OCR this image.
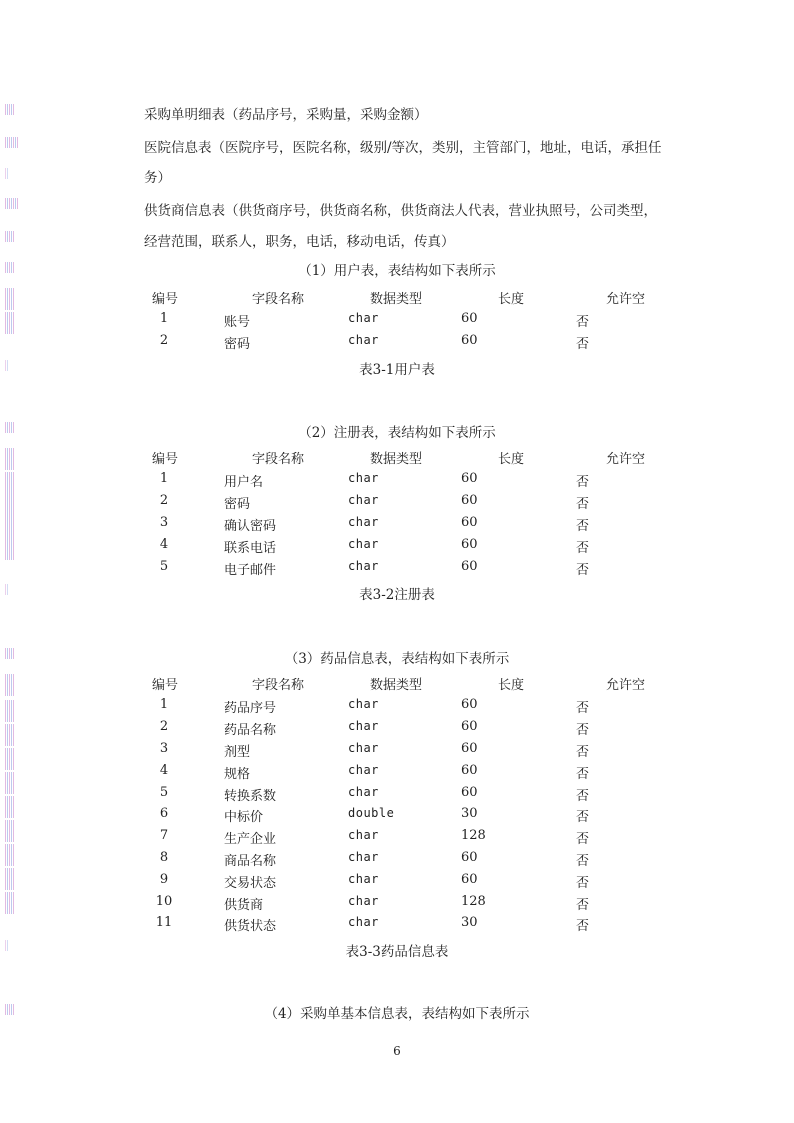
采购单明细表（药品序号，采购量，采购金额）
医院信息表（医院序号，医院名称，级别/等次，类别，主管部门，地址，电话，承担任
务）
供货商信息表（供货商序号，供货商名称，供货商法人代表，营业执照号，公司类型，
经营范围，联系人，职务，电话，移动电话，传真）
（1）用户表，表结构如下表所示
编号	字段名称	数据类型	长度	允许空
1	账号	char	60	否
2	密码	char	60	否
表3-1用户表
（2）注册表，表结构如下表所示
编号	字段名称	数据类型	长度	允许空
1	用户名	char	60	否
2	密码	char	60	否
3	确认密码	char	60	否
4	联系电话	char	60	否
5	电子邮件	char	60	否
表3-2注册表
（3）药品信息表，表结构如下表所示
编号	字段名称	数据类型	长度	允许空
1	药品序号	char	60	否
2	药品名称	char	60	否
3	剂型	char	60	否
4	规格	char	60	否
5	转换系数	char	60	否
6	中标价	double	30	否
7	生产企业	char	128	否
8	商品名称	char	60	否
9	交易状态	char	60	否
10	供货商	char	128	否
11	供货状态	char	30	否
表3-3药品信息表
（4）采购单基本信息表，表结构如下表所示
6
